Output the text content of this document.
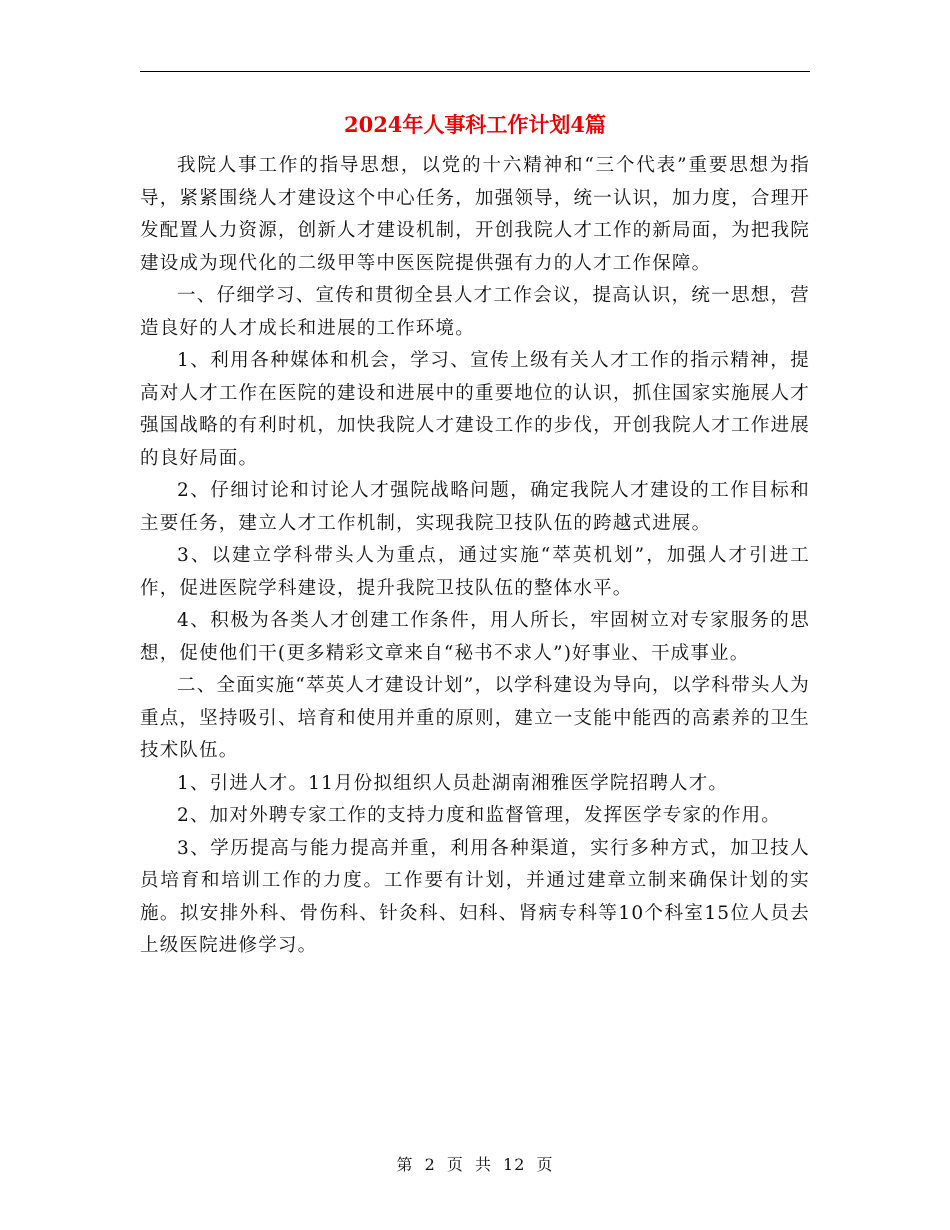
2024年人事科工作计划4篇

我院人事工作的指导思想，以党的十六精神和“三个代表”重要思想为指导，紧紧围绕人才建设这个中心任务，加强领导，统一认识，加力度，合理开发配置人力资源，创新人才建设机制，开创我院人才工作的新局面，为把我院建设成为现代化的二级甲等中医医院提供强有力的人才工作保障。

一、仔细学习、宣传和贯彻全县人才工作会议，提高认识，统一思想，营造良好的人才成长和进展的工作环境。

1、利用各种媒体和机会，学习、宣传上级有关人才工作的指示精神，提高对人才工作在医院的建设和进展中的重要地位的认识，抓住国家实施展人才强国战略的有利时机，加快我院人才建设工作的步伐，开创我院人才工作进展的良好局面。

2、仔细讨论和讨论人才强院战略问题，确定我院人才建设的工作目标和主要任务，建立人才工作机制，实现我院卫技队伍的跨越式进展。

3、以建立学科带头人为重点，通过实施“萃英机划”，加强人才引进工作，促进医院学科建设，提升我院卫技队伍的整体水平。

4、积极为各类人才创建工作条件，用人所长，牢固树立对专家服务的思想，促使他们干(更多精彩文章来自“秘书不求人”)好事业、干成事业。

二、全面实施“萃英人才建设计划”，以学科建设为导向，以学科带头人为重点，坚持吸引、培育和使用并重的原则，建立一支能中能西的高素养的卫生技术队伍。

1、引进人才。11月份拟组织人员赴湖南湘雅医学院招聘人才。

2、加对外聘专家工作的支持力度和监督管理，发挥医学专家的作用。

3、学历提高与能力提高并重，利用各种渠道，实行多种方式，加卫技人员培育和培训工作的力度。工作要有计划，并通过建章立制来确保计划的实施。拟安排外科、骨伤科、针灸科、妇科、肾病专科等10个科室15位人员去上级医院进修学习。

第 2 页 共 12 页
